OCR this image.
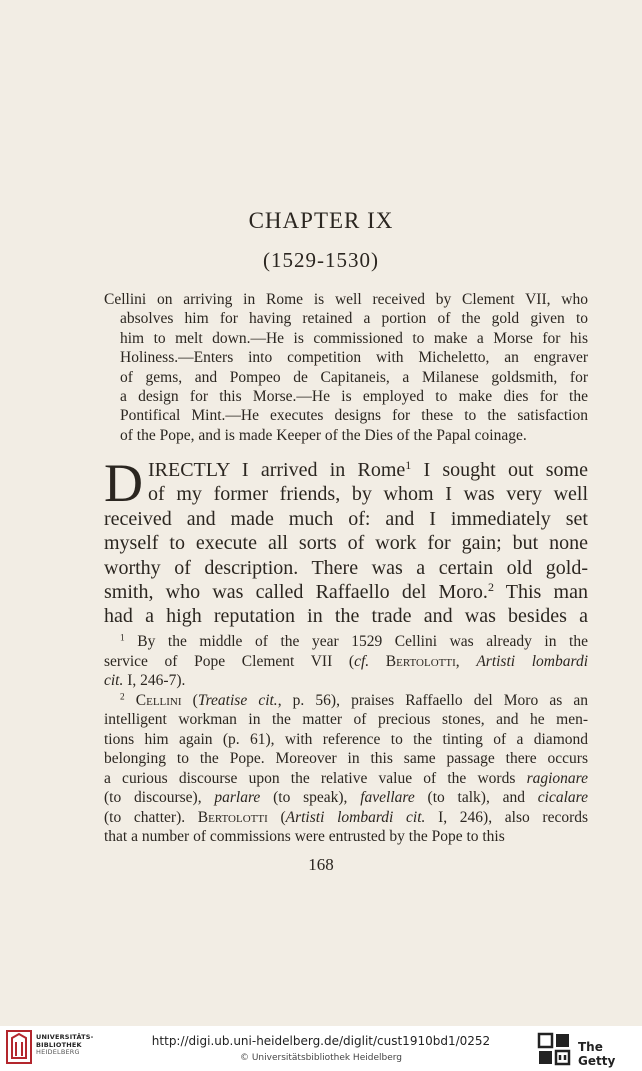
CHAPTER IX
(1529-1530)
Cellini on arriving in Rome is well received by Clement VII, who
absolves him for having retained a portion of the gold given to
him to melt down.—He is commissioned to make a Morse for his
Holiness.—Enters into competition with Micheletto, an engraver
of gems, and Pompeo de Capitaneis, a Milanese goldsmith, for
a design for this Morse.—He is employed to make dies for the
Pontifical Mint.—He executes designs for these to the satisfaction
of the Pope, and is made Keeper of the Dies of the Papal coinage.
D IRECTLY I arrived in Rome$^1$ I sought out some
of my former friends, by whom I was very well
received and made much of: and I immediately set
myself to execute all sorts of work for gain; but none
worthy of description. There was a certain old gold-
smith, who was called Raffaello del Moro.$^2$ This man
had a high reputation in the trade and was besides a
$^1$ By the middle of the year 1529 Cellini was already in the
service of Pope Clement VII (cf. Bertolotti, Artisti lombardi
cit. I, 246-7).
$^2$ Cellini (Treatise cit., p. 56), praises Raffaello del Moro as an
intelligent workman in the matter of precious stones, and he men-
tions him again (p. 61), with reference to the tinting of a diamond
belonging to the Pope. Moreover in this same passage there occurs
a curious discourse upon the relative value of the words ragionare
(to discourse), parlare (to speak), favellare (to talk), and cicalare
(to chatter). Bertolotti (Artisti lombardi cit. I, 246), also records
that a number of commissions were entrusted by the Pope to this
168
UNIVERSITÄTS-
BIBLIOTHEK
HEIDELBERG
http://digi.ub.uni-heidelberg.de/diglit/cust1910bd1/0252
© Universitätsbibliothek Heidelberg
The Getty
